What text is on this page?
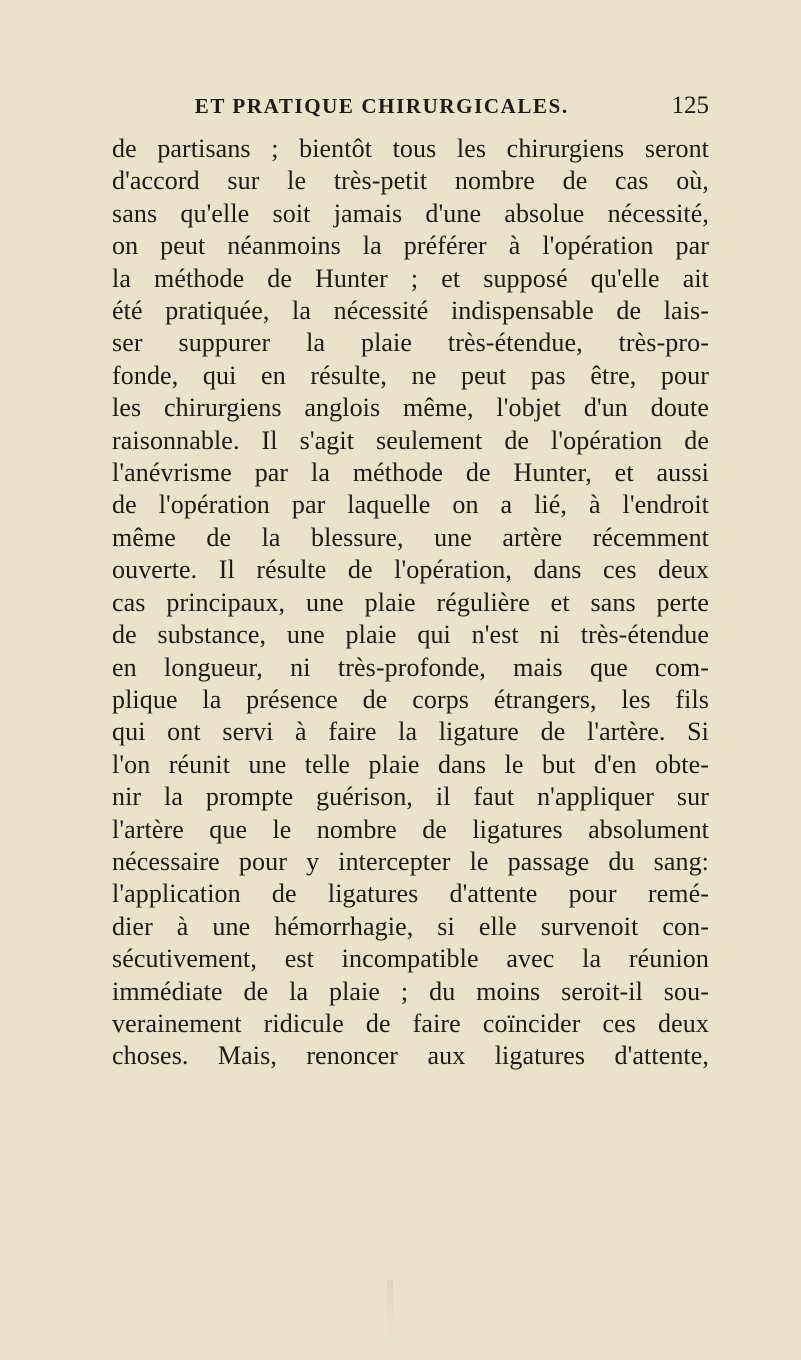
ET PRATIQUE CHIRURGICALES.	125
de partisans ; bientôt tous les chirurgiens seront
d'accord sur le très-petit nombre de cas où,
sans qu'elle soit jamais d'une absolue nécessité,
on peut néanmoins la préférer à l'opération par
la méthode de Hunter ; et supposé qu'elle ait
été pratiquée, la nécessité indispensable de lais-
ser suppurer la plaie très-étendue, très-pro-
fonde, qui en résulte, ne peut pas être, pour
les chirurgiens anglois même, l'objet d'un doute
raisonnable. Il s'agit seulement de l'opération de
l'anévrisme par la méthode de Hunter, et aussi
de l'opération par laquelle on a lié, à l'endroit
même de la blessure, une artère récemment
ouverte. Il résulte de l'opération, dans ces deux
cas principaux, une plaie régulière et sans perte
de substance, une plaie qui n'est ni très-étendue
en longueur, ni très-profonde, mais que com-
plique la présence de corps étrangers, les fils
qui ont servi à faire la ligature de l'artère. Si
l'on réunit une telle plaie dans le but d'en obte-
nir la prompte guérison, il faut n'appliquer sur
l'artère que le nombre de ligatures absolument
nécessaire pour y intercepter le passage du sang:
l'application de ligatures d'attente pour remé-
dier à une hémorrhagie, si elle survenoit con-
sécutivement, est incompatible avec la réunion
immédiate de la plaie ; du moins seroit-il sou-
verainement ridicule de faire coïncider ces deux
choses. Mais, renoncer aux ligatures d'attente,
